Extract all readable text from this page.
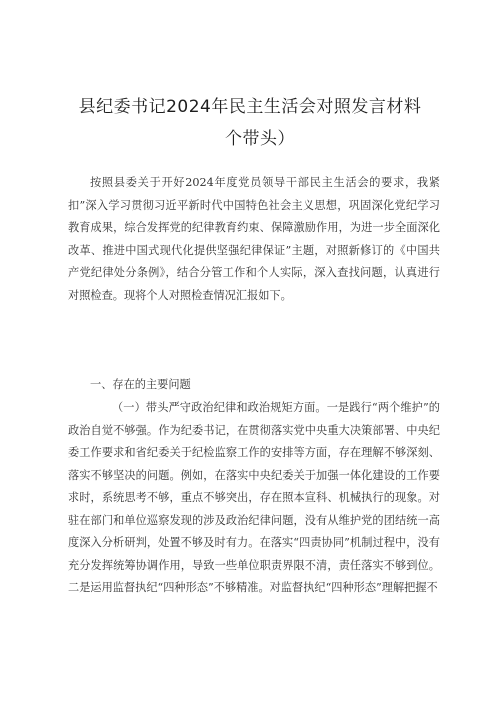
县纪委书记2024年民主生活会对照发言材料
个带头）
按照县委关于开好2024年度党员领导干部民主生活会的要求，我紧扣”深入学习贯彻习近平新时代中国特色社会主义思想，巩固深化党纪学习教育成果，综合发挥党的纪律教育约束、保障激励作用，为进一步全面深化改革、推进中国式现代化提供坚强纪律保证”主题，对照新修订的《中国共产党纪律处分条例》，结合分管工作和个人实际，深入查找问题，认真进行对照检查。现将个人对照检查情况汇报如下。
一、存在的主要问题
（一）带头严守政治纪律和政治规矩方面。一是践行“两个维护”的政治自觉不够强。作为纪委书记，在贯彻落实党中央重大决策部署、中央纪委工作要求和省纪委关于纪检监察工作的安排等方面，存在理解不够深刻、落实不够坚决的问题。例如，在落实中央纪委关于加强一体化建设的工作要求时，系统思考不够，重点不够突出，存在照本宣科、机械执行的现象。对驻在部门和单位巡察发现的涉及政治纪律问题，没有从维护党的团结统一高度深入分析研判，处置不够及时有力。在落实“四责协同”机制过程中，没有充分发挥统筹协调作用，导致一些单位职责界限不清，责任落实不够到位。二是运用监督执纪“四种形态”不够精准。对监督执纪“四种形态”理解把握不
